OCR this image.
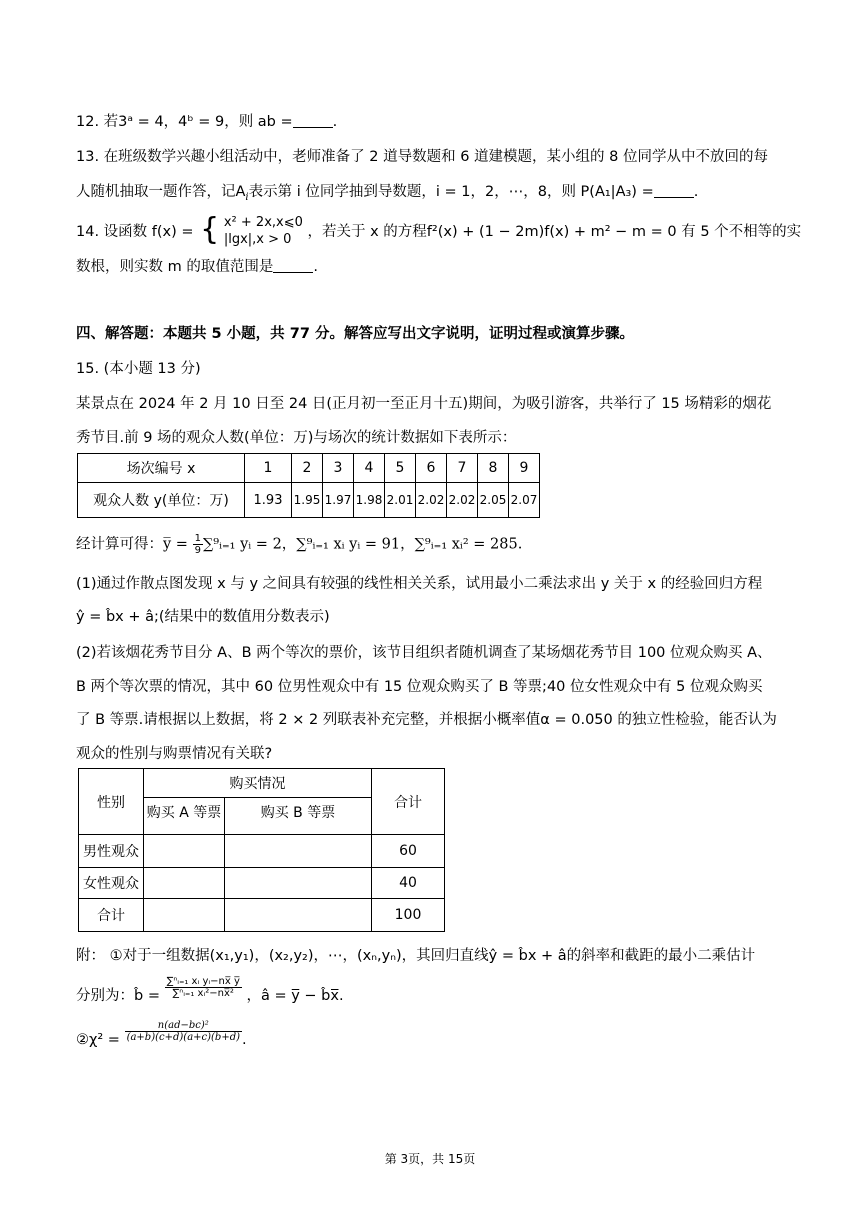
12. 若3ᵃ = 4，4ᵇ = 9，则 ab =	.
13. 在班级数学兴趣小组活动中，老师准备了 2 道导数题和 6 道建模题，某小组的 8 位同学从中不放回的每
人随机抽取一题作答，记$A_i$表示第 i 位同学抽到导数题，i = 1，2，⋯，8，则 P(A₁|A₃) =	.
14. 设函数 f(x) = { x² + 2x,x⩽0
|lgx|,x > 0	，若关于 x 的方程f²(x) + (1 − 2m)f(x) + m² − m = 0 有 5 个不相等的实
数根，则实数 m 的取值范围是	.
四、解答题：本题共 5 小题，共 77 分。解答应写出文字说明，证明过程或演算步骤。
15. (本小题 13 分)
某景点在 2024 年 2 月 10 日至 24 日(正月初一至正月十五)期间，为吸引游客，共举行了 15 场精彩的烟花
秀节目.前 9 场的观众人数(单位：万)与场次的统计数据如下表所示：
场次编号 x	1	2	3	4	5	6	7	8	9
观众人数 y(单位：万)	1.93	1.95	1.97	1.98	2.01	2.02	2.02	2.05	2.07
经计算可得：y̅ = $\frac{1}{9}$ ∑⁹ᵢ₌₁ yᵢ = 2，∑⁹ᵢ₌₁ xᵢ yᵢ = 91，∑⁹ᵢ₌₁ xᵢ² = 285.
(1)通过作散点图发现 x 与 y 之间具有较强的线性相关关系，试用最小二乘法求出 y 关于 x 的经验回归方程
ŷ = b̂x + â;(结果中的数值用分数表示)
(2)若该烟花秀节目分 A、B 两个等次的票价，该节目组织者随机调查了某场烟花秀节目 100 位观众购买 A、
B 两个等次票的情况，其中 60 位男性观众中有 15 位观众购买了 B 等票;40 位女性观众中有 5 位观众购买
了 B 等票.请根据以上数据，将 2 × 2 列联表补充完整，并根据小概率值α = 0.050 的独立性检验，能否认为
观众的性别与购票情况有关联?
性别	购买情况		合计
	购买 A 等票	购买 B 等票	
男性观众			60
女性观众			40
合计			100
附： ①对于一组数据(x₁,y₁)，(x₂,y₂)，⋯，(xₙ,yₙ)，其回归直线ŷ = b̂x + â的斜率和截距的最小二乘估计
分别为：b̂ = $\frac{\text{∑ⁿᵢ₌₁ xᵢ yᵢ−nx̅ y̅}}{\text{∑ⁿᵢ₌₁ xᵢ²−nx̅²}}$ ，â = y̅ − b̂x̅.
②χ² = $\frac{\text{n(ad−bc)²}}{(a+b)(c+d)(a+c)(b+d)}$ .
第 3页，共 15页
